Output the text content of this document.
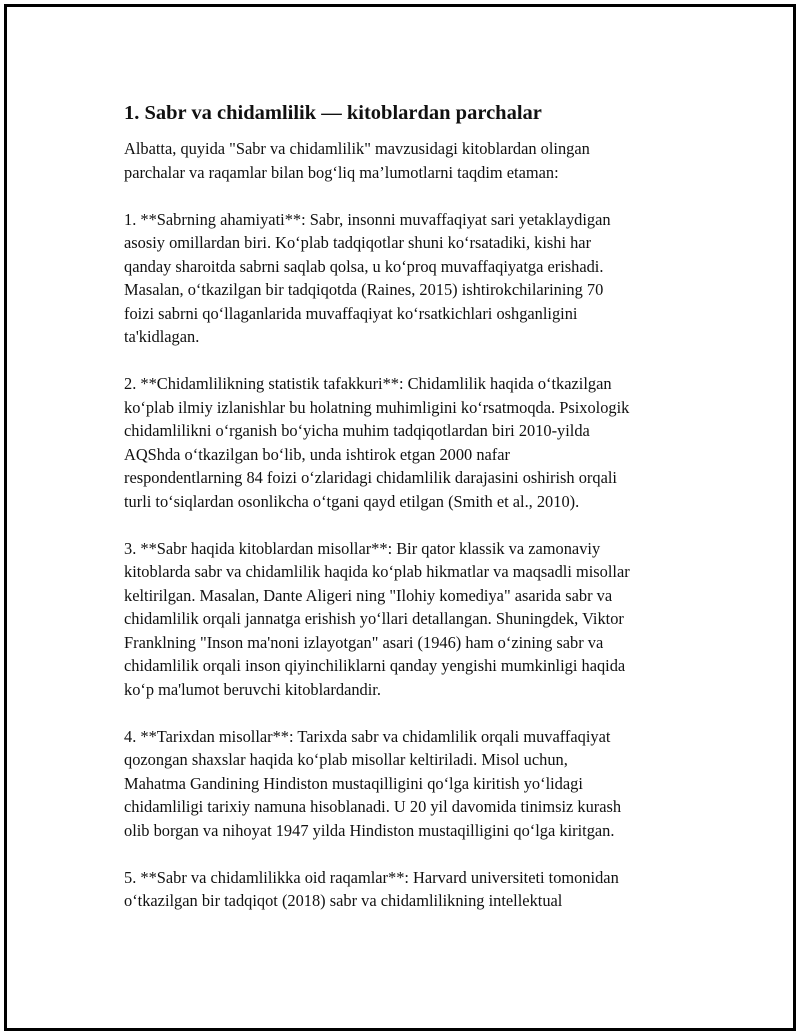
1. Sabr va chidamlilik — kitoblardan parchalar
Albatta, quyida "Sabr va chidamlilik" mavzusidagi kitoblardan olingan
parchalar va raqamlar bilan bog‘liq ma’lumotlarni taqdim etaman:
1. **Sabrning ahamiyati**: Sabr, insonni muvaffaqiyat sari yetaklaydigan
asosiy omillardan biri. Ko‘plab tadqiqotlar shuni ko‘rsatadiki, kishi har
qanday sharoitda sabrni saqlab qolsa, u ko‘proq muvaffaqiyatga erishadi.
Masalan, o‘tkazilgan bir tadqiqotda (Raines, 2015) ishtirokchilarining 70
foizi sabrni qo‘llaganlarida muvaffaqiyat ko‘rsatkichlari oshganligini
ta'kidlagan.
2. **Chidamlilikning statistik tafakkuri**: Chidamlilik haqida o‘tkazilgan
ko‘plab ilmiy izlanishlar bu holatning muhimligini ko‘rsatmoqda. Psixologik
chidamlilikni o‘rganish bo‘yicha muhim tadqiqotlardan biri 2010-yilda
AQShda o‘tkazilgan bo‘lib, unda ishtirok etgan 2000 nafar
respondentlarning 84 foizi o‘zlaridagi chidamlilik darajasini oshirish orqali
turli to‘siqlardan osonlikcha o‘tgani qayd etilgan (Smith et al., 2010).
3. **Sabr haqida kitoblardan misollar**: Bir qator klassik va zamonaviy
kitoblarda sabr va chidamlilik haqida ko‘plab hikmatlar va maqsadli misollar
keltirilgan. Masalan, Dante Aligeri ning "Ilohiy komediya" asarida sabr va
chidamlilik orqali jannatga erishish yo‘llari detallangan. Shuningdek, Viktor
Franklning "Inson ma'noni izlayotgan" asari (1946) ham o‘zining sabr va
chidamlilik orqali inson qiyinchiliklarni qanday yengishi mumkinligi haqida
ko‘p ma'lumot beruvchi kitoblardandir.
4. **Tarixdan misollar**: Tarixda sabr va chidamlilik orqali muvaffaqiyat
qozongan shaxslar haqida ko‘plab misollar keltiriladi. Misol uchun,
Mahatma Gandining Hindiston mustaqilligini qo‘lga kiritish yo‘lidagi
chidamliligi tarixiy namuna hisoblanadi. U 20 yil davomida tinimsiz kurash
olib borgan va nihoyat 1947 yilda Hindiston mustaqilligini qo‘lga kiritgan.
5. **Sabr va chidamlilikka oid raqamlar**: Harvard universiteti tomonidan
o‘tkazilgan bir tadqiqot (2018) sabr va chidamlilikning intellektual
